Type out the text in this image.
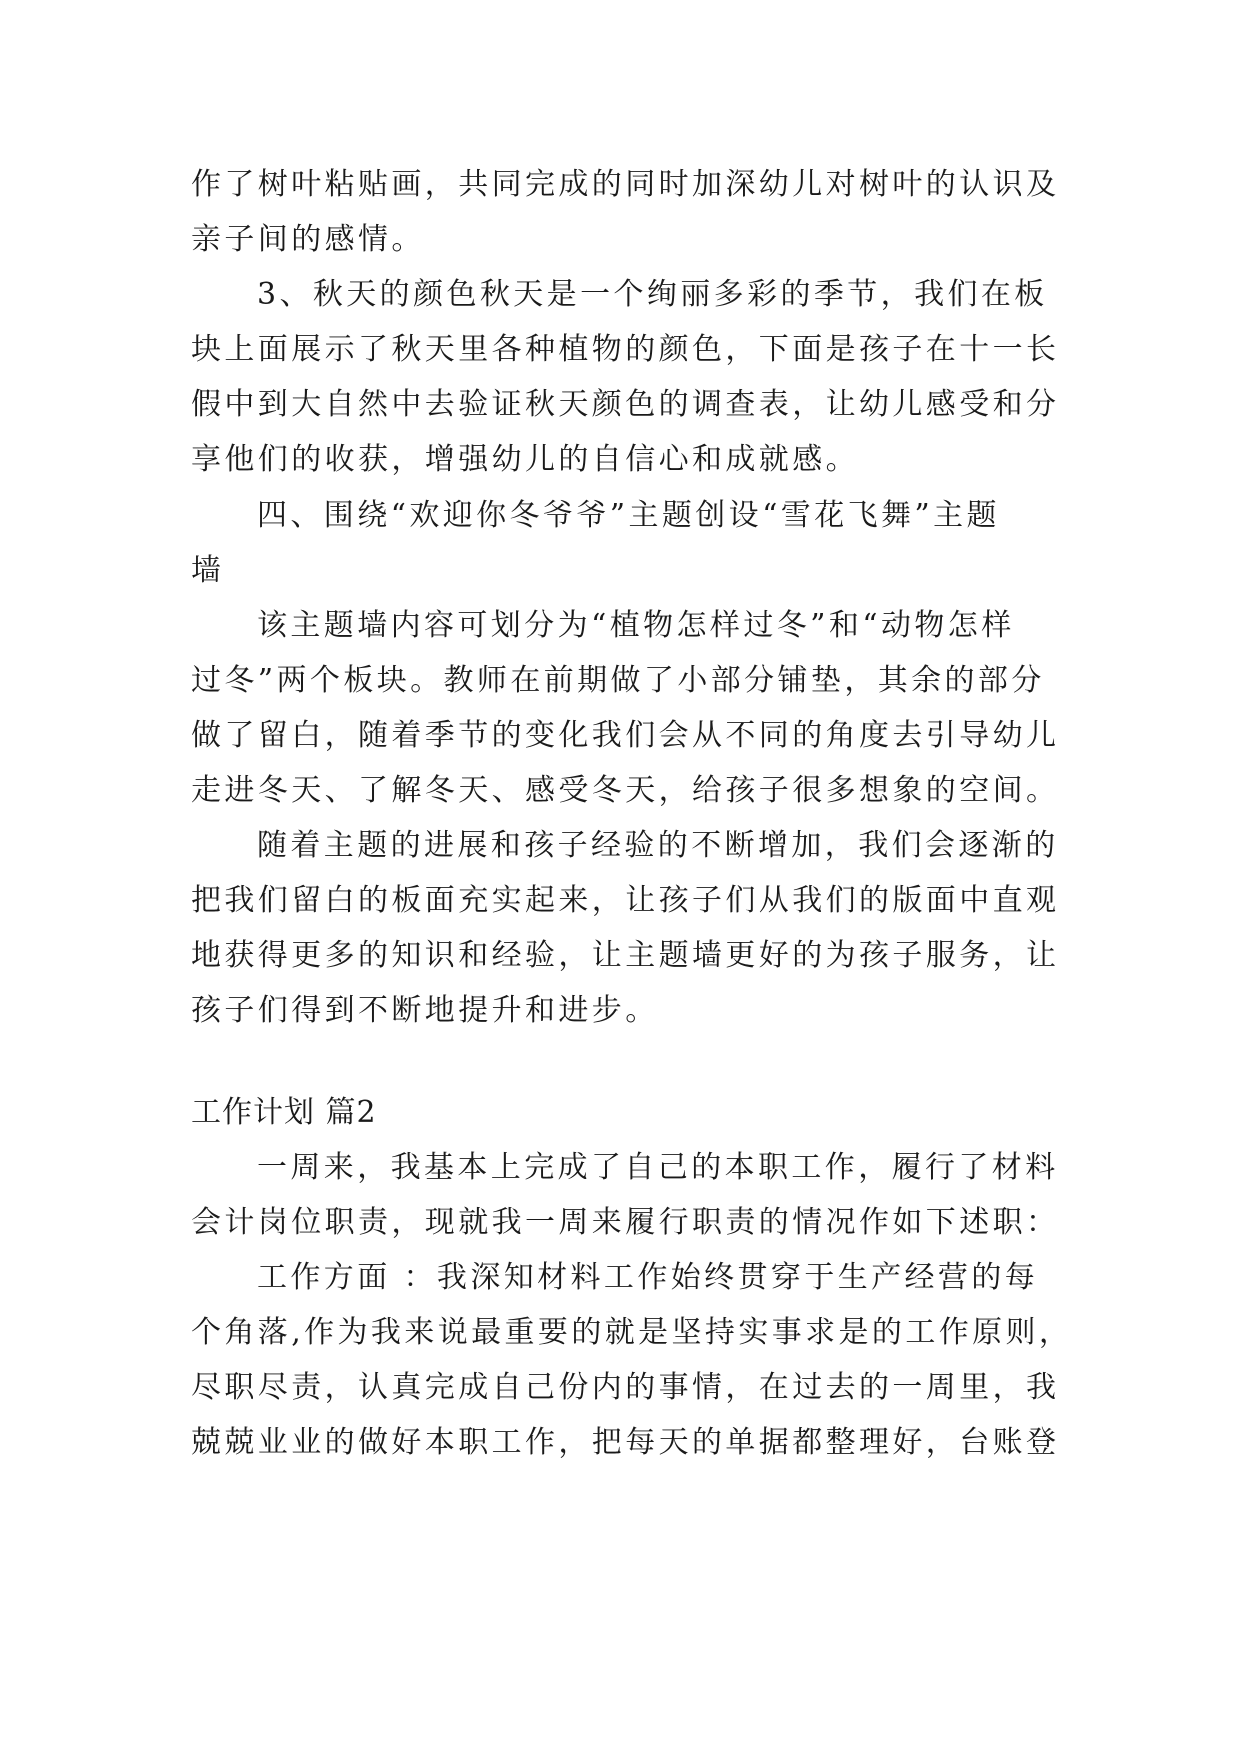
作了树叶粘贴画，共同完成的同时加深幼儿对树叶的认识及
亲子间的感情。
3、秋天的颜色秋天是一个绚丽多彩的季节，我们在板
块上面展示了秋天里各种植物的颜色，下面是孩子在十一长
假中到大自然中去验证秋天颜色的调查表，让幼儿感受和分
享他们的收获，增强幼儿的自信心和成就感。
四、围绕“欢迎你冬爷爷”主题创设“雪花飞舞”主题
墙
该主题墙内容可划分为“植物怎样过冬”和“动物怎样
过冬”两个板块。教师在前期做了小部分铺垫，其余的部分
做了留白，随着季节的变化我们会从不同的角度去引导幼儿
走进冬天、了解冬天、感受冬天，给孩子很多想象的空间。
随着主题的进展和孩子经验的不断增加，我们会逐渐的
把我们留白的板面充实起来，让孩子们从我们的版面中直观
地获得更多的知识和经验，让主题墙更好的为孩子服务，让
孩子们得到不断地提升和进步。
工作计划 篇2
一周来，我基本上完成了自己的本职工作，履行了材料
会计岗位职责，现就我一周来履行职责的情况作如下述职：
工作方面 ：我深知材料工作始终贯穿于生产经营的每
个角落,作为我来说最重要的就是坚持实事求是的工作原则，
尽职尽责，认真完成自己份内的事情，在过去的一周里，我
兢兢业业的做好本职工作，把每天的单据都整理好，台账登
